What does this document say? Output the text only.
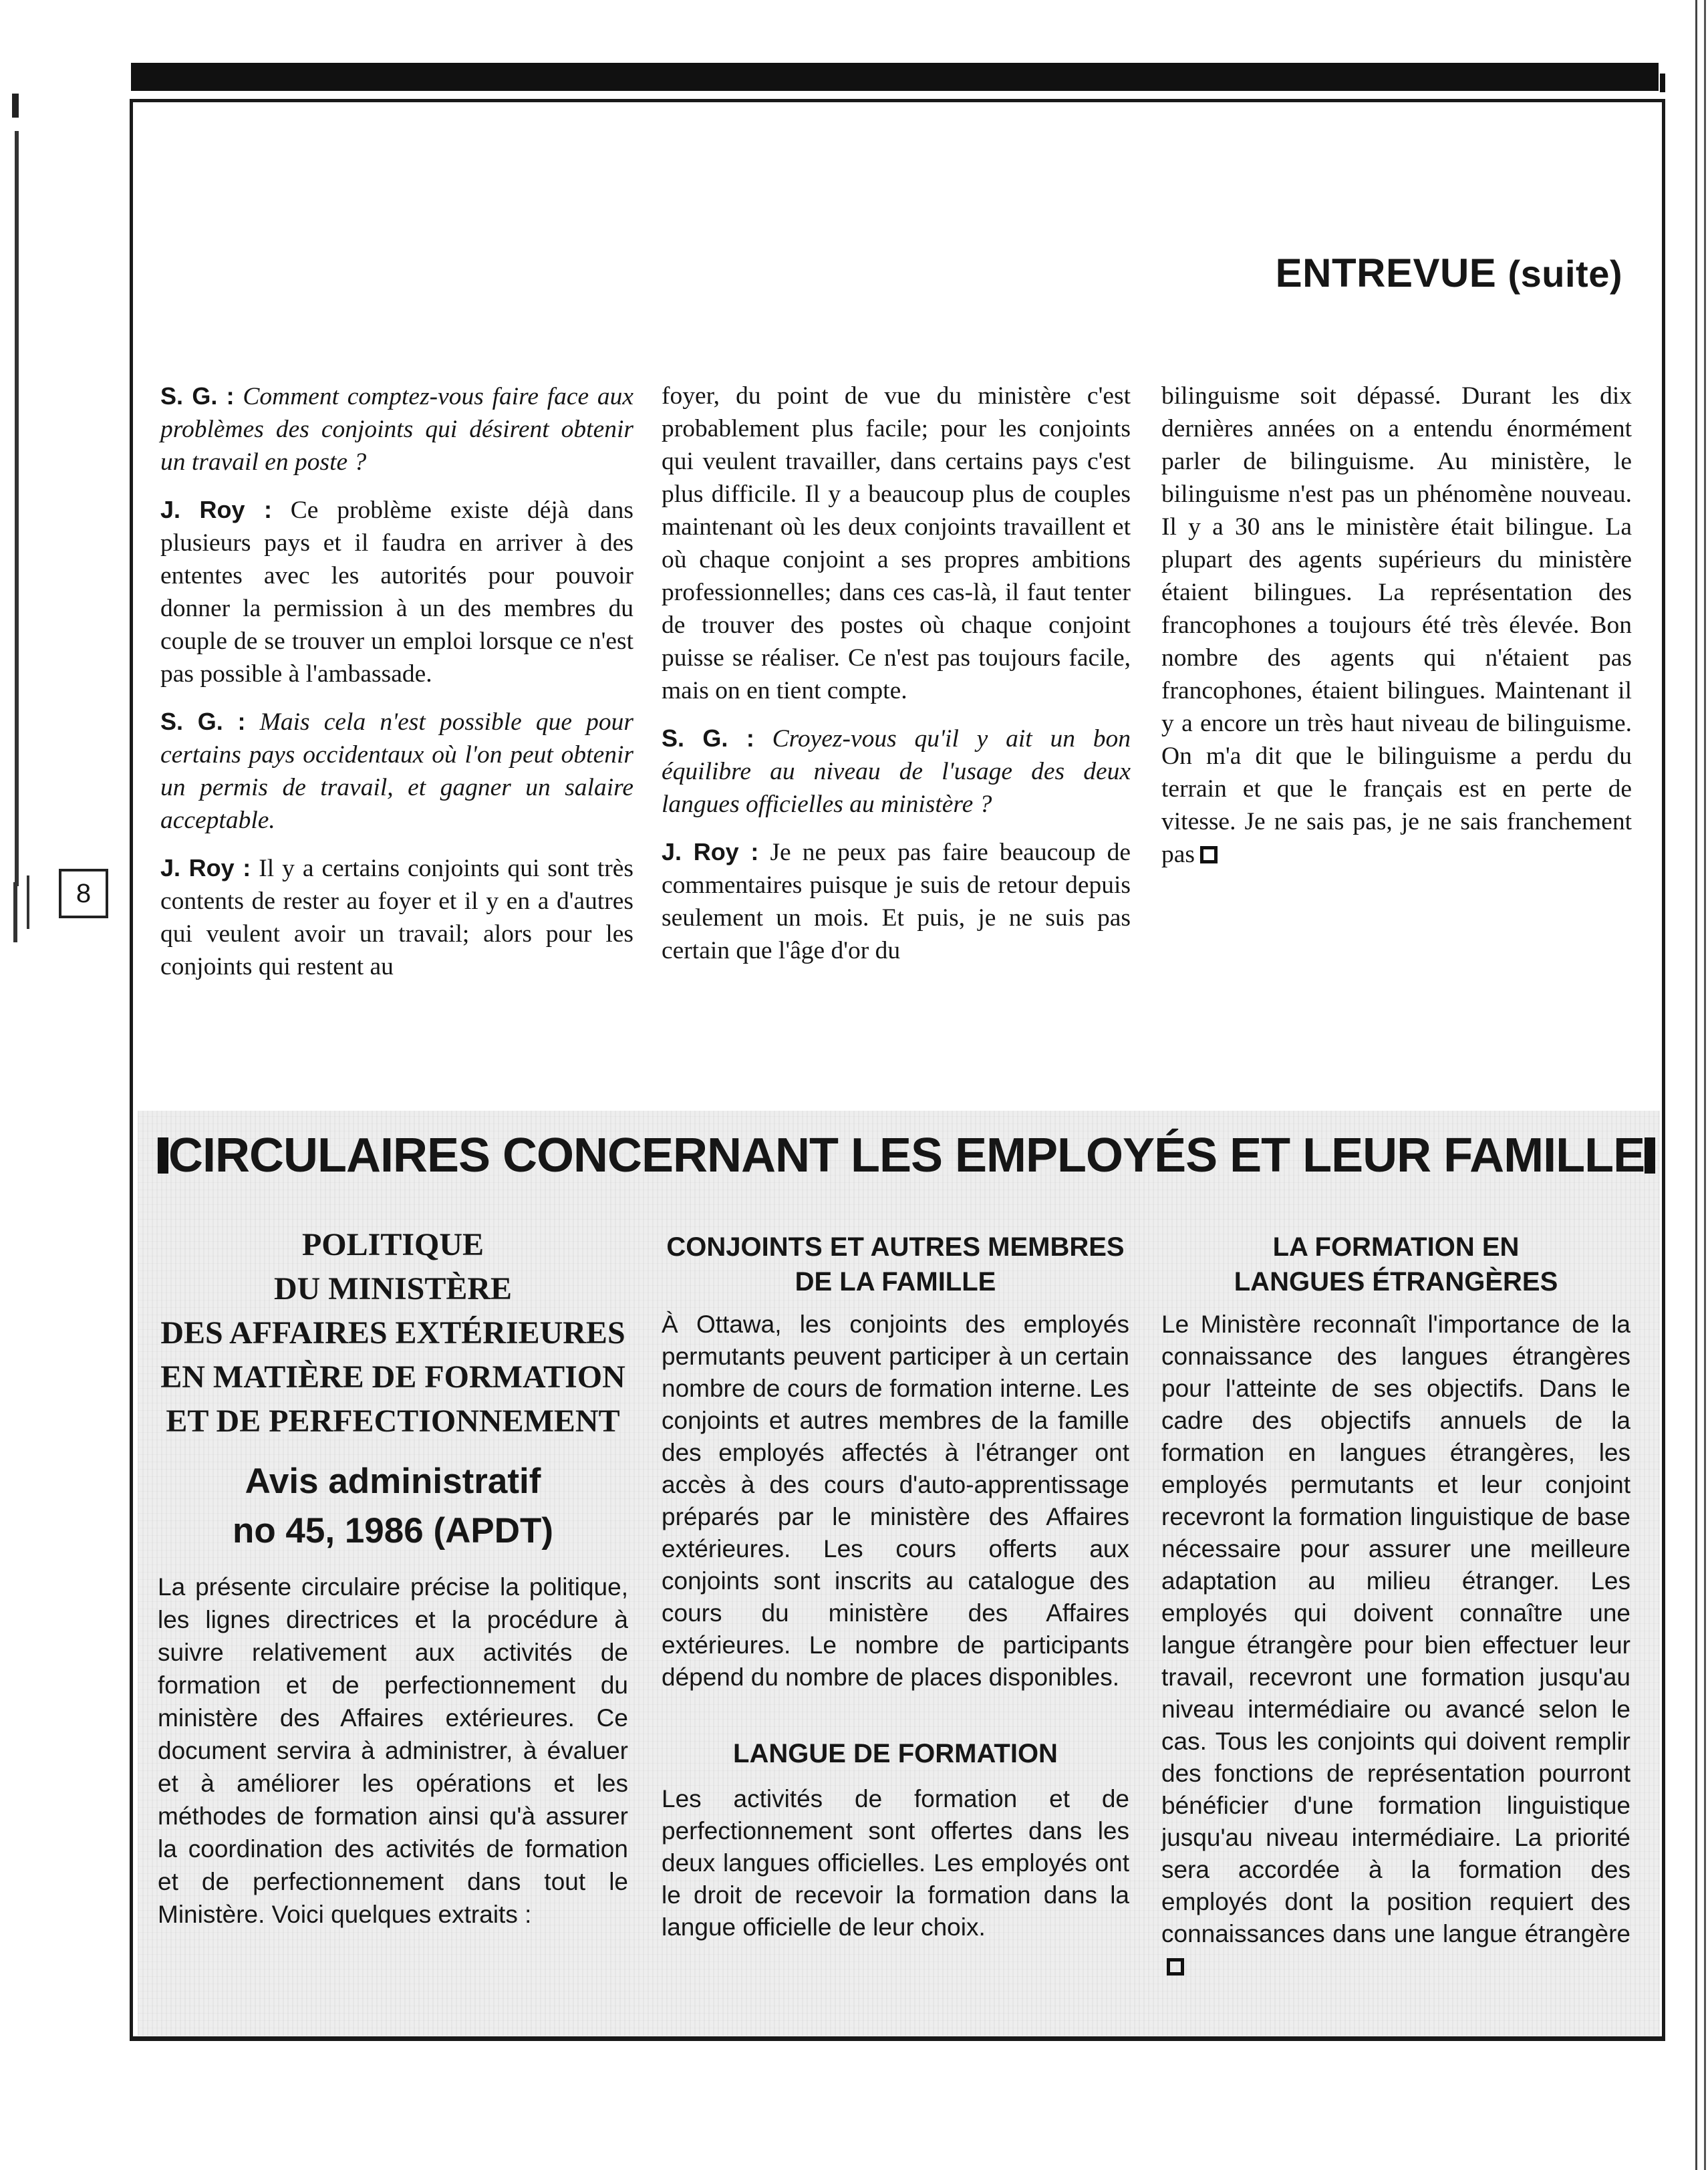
8
ENTREVUE (suite)

S. G. : Comment comptez-vous faire face aux problèmes des conjoints qui désirent obtenir un travail en poste ?

J. Roy : Ce problème existe déjà dans plusieurs pays et il faudra en arriver à des ententes avec les autorités pour pouvoir donner la permission à un des membres du couple de se trouver un emploi lorsque ce n'est pas possible à l'ambassade.

S. G. : Mais cela n'est possible que pour certains pays occidentaux où l'on peut obtenir un permis de travail, et gagner un salaire acceptable.

J. Roy : Il y a certains conjoints qui sont très contents de rester au foyer et il y en a d'autres qui veulent avoir un travail; alors pour les conjoints qui restent au

foyer, du point de vue du ministère c'est probablement plus facile; pour les conjoints qui veulent travailler, dans certains pays c'est plus difficile. Il y a beaucoup plus de couples maintenant où les deux conjoints travaillent et où chaque conjoint a ses propres ambitions professionnelles; dans ces cas-là, il faut tenter de trouver des postes où chaque conjoint puisse se réaliser. Ce n'est pas toujours facile, mais on en tient compte.

S. G. : Croyez-vous qu'il y ait un bon équilibre au niveau de l'usage des deux langues officielles au ministère ?

J. Roy : Je ne peux pas faire beaucoup de commentaires puisque je suis de retour depuis seulement un mois. Et puis, je ne suis pas certain que l'âge d'or du

bilinguisme soit dépassé. Durant les dix dernières années on a entendu énormément parler de bilinguisme. Au ministère, le bilinguisme n'est pas un phénomène nouveau. Il y a 30 ans le ministère était bilingue. La plupart des agents supérieurs du ministère étaient bilingues. La représentation des francophones a toujours été très élevée. Bon nombre des agents qui n'étaient pas francophones, étaient bilingues. Maintenant il y a encore un très haut niveau de bilinguisme. On m'a dit que le bilinguisme a perdu du terrain et que le français est en perte de vitesse. Je ne sais pas, je ne sais franchement pas

CIRCULAIRES CONCERNANT LES EMPLOYÉS ET LEUR FAMILLE
POLITIQUE
DU MINISTÈRE
DES AFFAIRES EXTÉRIEURES
EN MATIÈRE DE FORMATION
ET DE PERFECTIONNEMENT
Avis administratif
no 45, 1986 (APDT)
La présente circulaire précise la politique, les lignes directrices et la procédure à suivre relativement aux activités de formation et de perfectionnement du ministère des Affaires extérieures. Ce document servira à administrer, à évaluer et à améliorer les opérations et les méthodes de formation ainsi qu'à assurer la coordination des activités de formation et de perfectionnement dans tout le Ministère. Voici quelques extraits :
CONJOINTS ET AUTRES MEMBRES
DE LA FAMILLE

À Ottawa, les conjoints des employés permutants peuvent participer à un certain nombre de cours de formation interne. Les conjoints et autres membres de la famille des employés affectés à l'étranger ont accès à des cours d'auto-apprentissage préparés par le ministère des Affaires extérieures. Les cours offerts aux conjoints sont inscrits au catalogue des cours du ministère des Affaires extérieures. Le nombre de participants dépend du nombre de places disponibles.

LANGUE DE FORMATION

Les activités de formation et de perfectionnement sont offertes dans les deux langues officielles. Les employés ont le droit de recevoir la formation dans la langue officielle de leur choix.

LA FORMATION EN
LANGUES ÉTRANGÈRES

Le Ministère reconnaît l'importance de la connaissance des langues étrangères pour l'atteinte de ses objectifs. Dans le cadre des objectifs annuels de la formation en langues étrangères, les employés permutants et leur conjoint recevront la formation linguistique de base nécessaire pour assurer une meilleure adaptation au milieu étranger. Les employés qui doivent connaître une langue étrangère pour bien effectuer leur travail, recevront une formation jusqu'au niveau intermédiaire ou avancé selon le cas. Tous les conjoints qui doivent remplir des fonctions de représentation pourront bénéficier d'une formation linguistique jusqu'au niveau intermédiaire. La priorité sera accordée à la formation des employés dont la position requiert des connaissances dans une langue étrangère
